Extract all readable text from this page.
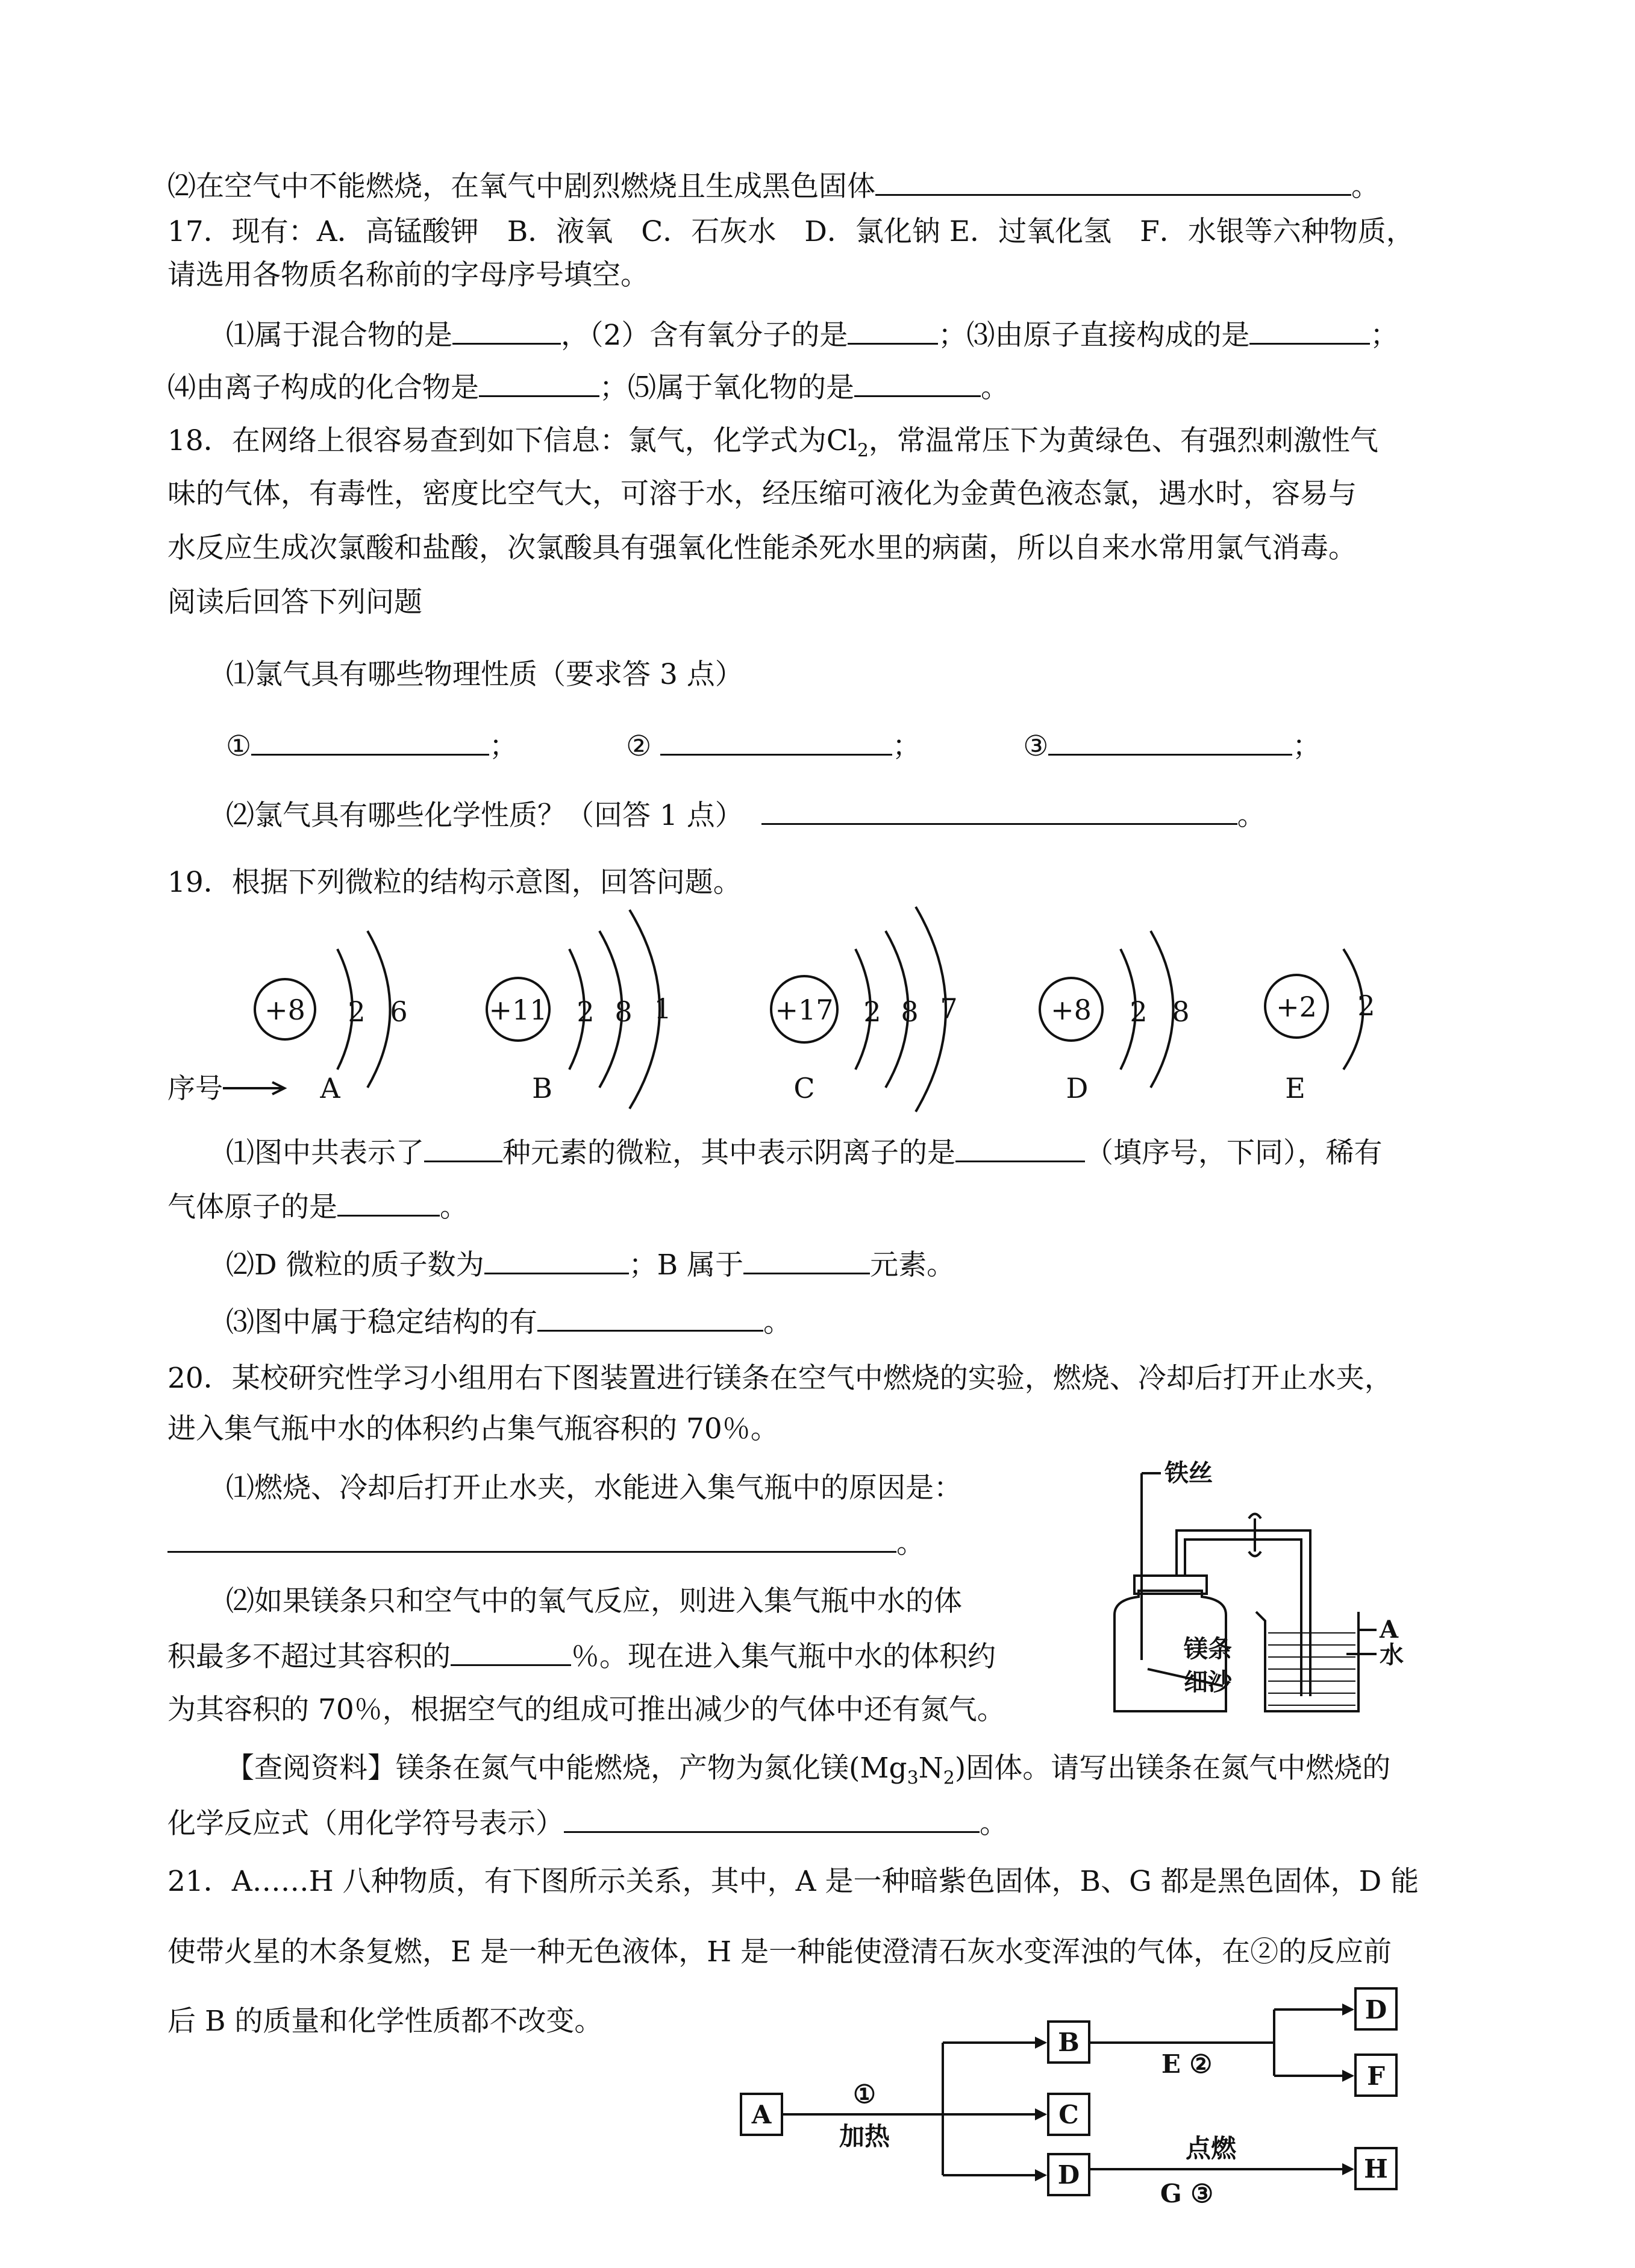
⑵在空气中不能燃烧，在氧气中剧烈燃烧且生成黑色固体	。
17．现有：A．高锰酸钾　B．液氧　C．石灰水　D．氯化钠 E．过氧化氢　F．水银等六种物质，
请选用各物质名称前的字母序号填空。
⑴属于混合物的是	，（2）含有氧分子的是	；⑶由原子直接构成的是	；
⑷由离子构成的化合物是	；⑸属于氧化物的是	。
18．在网络上很容易查到如下信息：氯气，化学式为$Cl_2$，常温常压下为黄绿色、有强烈刺激性气
味的气体，有毒性，密度比空气大，可溶于水，经压缩可液化为金黄色液态氯，遇水时，容易与
水反应生成次氯酸和盐酸，次氯酸具有强氧化性能杀死水里的病菌，所以自来水常用氯气消毒。
阅读后回答下列问题
⑴氯气具有哪些物理性质（要求答 3 点）
①	；	②	；	③	；
⑵氯气具有哪些化学性质？（回答 1 点）	。
19．根据下列微粒的结构示意图，回答问题。
+8 2 6
A
+11 2 8 1
B
+17 2 8 7
C
+8 2 8
D
+2 2
E
序号
⑴图中共表示了	种元素的微粒，其中表示阴离子的是	（填序号，下同），稀有
气体原子的是	。
⑵D 微粒的质子数为	；B 属于	元素。
⑶图中属于稳定结构的有	。
20．某校研究性学习小组用右下图装置进行镁条在空气中燃烧的实验，燃烧、冷却后打开止水夹，
进入集气瓶中水的体积约占集气瓶容积的 70％。
⑴燃烧、冷却后打开止水夹，水能进入集气瓶中的原因是：
。
⑵如果镁条只和空气中的氧气反应，则进入集气瓶中水的体
积最多不超过其容积的	％。现在进入集气瓶中水的体积约
为其容积的 70％，根据空气的组成可推出减少的气体中还有氮气。
【查阅资料】镁条在氮气中能燃烧，产物为氮化镁$(Mg_3N_2)$固体。请写出镁条在氮气中燃烧的
化学反应式（用化学符号表示）	。
铁丝
A
水
镁条
细沙
21．A……H 八种物质，有下图所示关系，其中，A 是一种暗紫色固体，B、G 都是黑色固体，D 能
使带火星的木条复燃，E 是一种无色液体，H 是一种能使澄清石灰水变浑浊的气体，在②的反应前
后 B 的质量和化学性质都不改变。
A
B
C
D
D
F
H
①
加热
E ②
点燃
G ③
